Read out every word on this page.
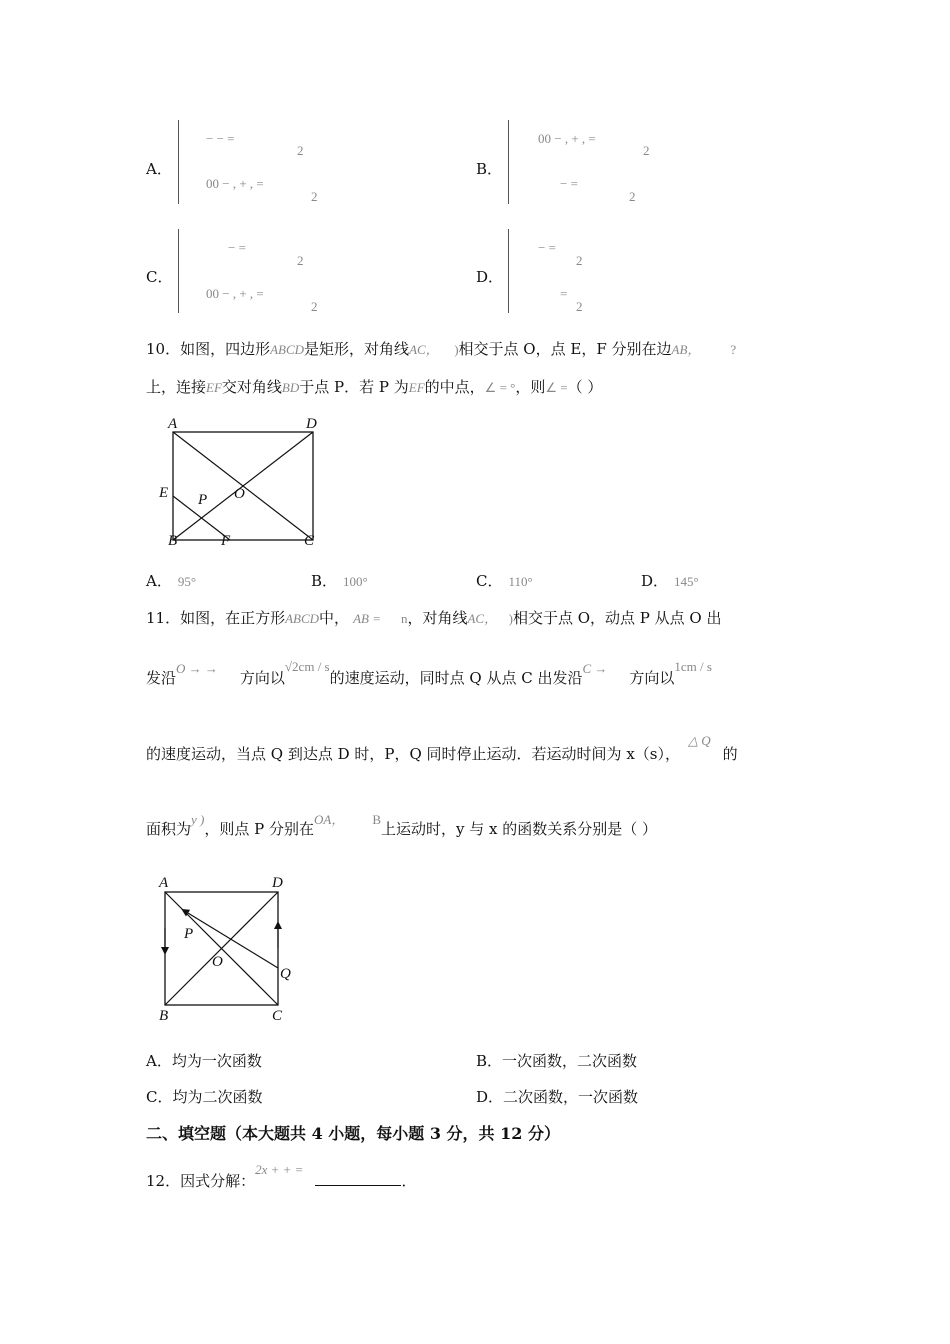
A．
− − =
2
00 − , + , =
2
B．
00 − , + , =
2
− =
2
C．
− =
2
00 − , + , =
2
D．
− =
2
=
2
10．如图，四边形ABCD是矩形，对角线AC， )相交于点 O，点 E，F 分别在边AB， ?
上，连接EF交对角线BD于点 P．若 P 为EF的中点，∠ = °，则∠ =（ ）
A	D
E P O
B	F	C
A． 95°	B． 100°	C． 110°	D． 145°
11．如图，在正方形ABCD中， AB = n，对角线AC， )相交于点 O，动点 P 从点 O 出
发沿O → →方向以√2cm / s的速度运动，同时点 Q 从点 C 出发沿C →方向以1cm / s
的速度运动，当点 Q 到达点 D 时，P，Q 同时停止运动．若运动时间为 x（s），△ Q的
面积为y )，则点 P 分别在OA， B上运动时，y 与 x 的函数关系分别是（ ）
A	D
P
O
Q
B	C
A．均为一次函数	B．一次函数，二次函数
C．均为二次函数	D．二次函数，一次函数
二、填空题（本大题共 4 小题，每小题 3 分，共 12 分）
12．因式分解：2x + + =．
